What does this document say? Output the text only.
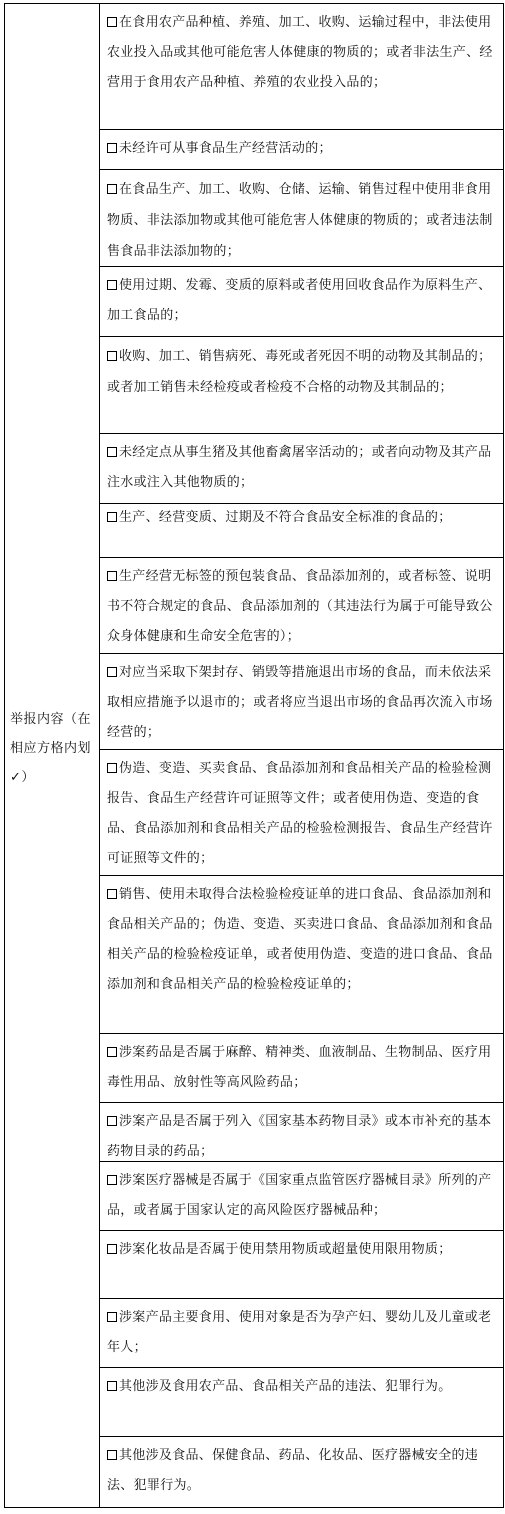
举报内容（在相应方格内划✓）
在食用农产品种植、养殖、加工、收购、运输过程中，非法使用农业投入品或其他可能危害人体健康的物质的；或者非法生产、经营用于食用农产品种植、养殖的农业投入品的；
未经许可从事食品生产经营活动的；
在食品生产、加工、收购、仓储、运输、销售过程中使用非食用物质、非法添加物或其他可能危害人体健康的物质的；或者违法制售食品非法添加物的；
使用过期、发霉、变质的原料或者使用回收食品作为原料生产、加工食品的；
收购、加工、销售病死、毒死或者死因不明的动物及其制品的；或者加工销售未经检疫或者检疫不合格的动物及其制品的；
未经定点从事生猪及其他畜禽屠宰活动的；或者向动物及其产品注水或注入其他物质的；
生产、经营变质、过期及不符合食品安全标准的食品的；
生产经营无标签的预包装食品、食品添加剂的，或者标签、说明书不符合规定的食品、食品添加剂的（其违法行为属于可能导致公众身体健康和生命安全危害的）；
对应当采取下架封存、销毁等措施退出市场的食品，而未依法采取相应措施予以退市的；或者将应当退出市场的食品再次流入市场经营的；
伪造、变造、买卖食品、食品添加剂和食品相关产品的检验检测报告、食品生产经营许可证照等文件；或者使用伪造、变造的食品、食品添加剂和食品相关产品的检验检测报告、食品生产经营许可证照等文件的；
销售、使用未取得合法检验检疫证单的进口食品、食品添加剂和食品相关产品的；伪造、变造、买卖进口食品、食品添加剂和食品相关产品的检验检疫证单，或者使用伪造、变造的进口食品、食品添加剂和食品相关产品的检验检疫证单的；
涉案药品是否属于麻醉、精神类、血液制品、生物制品、医疗用毒性用品、放射性等高风险药品；
涉案产品是否属于列入《国家基本药物目录》或本市补充的基本药物目录的药品；
涉案医疗器械是否属于《国家重点监管医疗器械目录》所列的产品，或者属于国家认定的高风险医疗器械品种；
涉案化妆品是否属于使用禁用物质或超量使用限用物质；
涉案产品主要食用、使用对象是否为孕产妇、婴幼儿及儿童或老年人；
其他涉及食用农产品、食品相关产品的违法、犯罪行为。
其他涉及食品、保健食品、药品、化妆品、医疗器械安全的违法、犯罪行为。
